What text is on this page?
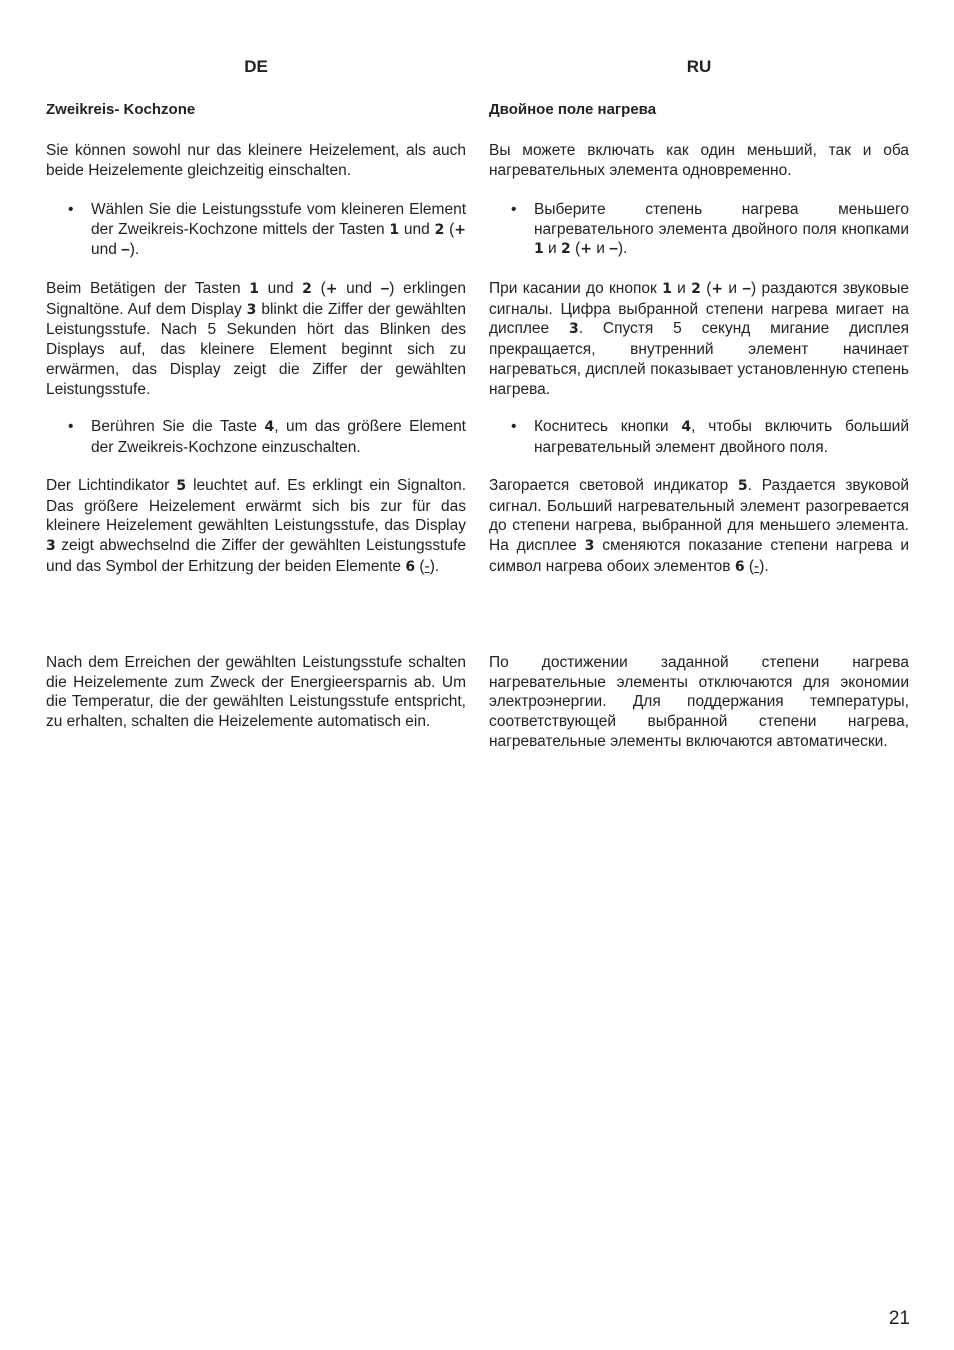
DE
Zweikreis- Kochzone
Sie können sowohl nur das kleinere Heizelement, als auch beide Heizelemente gleichzeitig einschalten.
• Wählen Sie die Leistungsstufe vom kleineren Element der Zweikreis-Kochzone mittels der Tasten 1 und 2 (+ und –).
Beim Betätigen der Tasten 1 und 2 (+ und –) erklingen Signaltöne. Auf dem Display 3 blinkt die Ziffer der gewählten Leistungsstufe. Nach 5 Sekunden hört das Blinken des Displays auf, das kleinere Element beginnt sich zu erwärmen, das Display zeigt die Ziffer der gewählten Leistungsstufe.
• Berühren Sie die Taste 4, um das größere Element der Zweikreis-Kochzone einzuschalten.
Der Lichtindikator 5 leuchtet auf. Es erklingt ein Signalton. Das größere Heizelement erwärmt sich bis zur für das kleinere Heizelement gewählten Leistungsstufe, das Display 3 zeigt abwechselnd die Ziffer der gewählten Leistungsstufe und das Symbol der Erhitzung der beiden Elemente 6 (-).
Nach dem Erreichen der gewählten Leistungsstufe schalten die Heizelemente zum Zweck der Energieersparnis ab. Um die Temperatur, die der gewählten Leistungsstufe entspricht, zu erhalten, schalten die Heizelemente automatisch ein.
RU
Двойное поле нагрева
Вы можете включать как один меньший, так и оба нагревательных элемента одновременно.
• Выберите степень нагрева меньшего нагревательного элемента двойного поля кнопками 1 и 2 (+ и –).
При касании до кнопок 1 и 2 (+ и –) раздаются звуковые сигналы. Цифра выбранной степени нагрева мигает на дисплее 3. Спустя 5 секунд мигание дисплея прекращается, внутренний элемент начинает нагреваться, дисплей показывает установленную степень нагрева.
• Коснитесь кнопки 4, чтобы включить больший нагревательный элемент двойного поля.
Загорается световой индикатор 5. Раздается звуковой сигнал. Больший нагревательный элемент разогревается до степени нагрева, выбранной для меньшего элемента. На дисплее 3 сменяются показание степени нагрева и символ нагрева обоих элементов 6 (-).
По достижении заданной степени нагрева нагревательные элементы отключаются для экономии электроэнергии. Для поддержания температуры, соответствующей выбранной степени нагрева, нагревательные элементы включаются автоматически.
21
